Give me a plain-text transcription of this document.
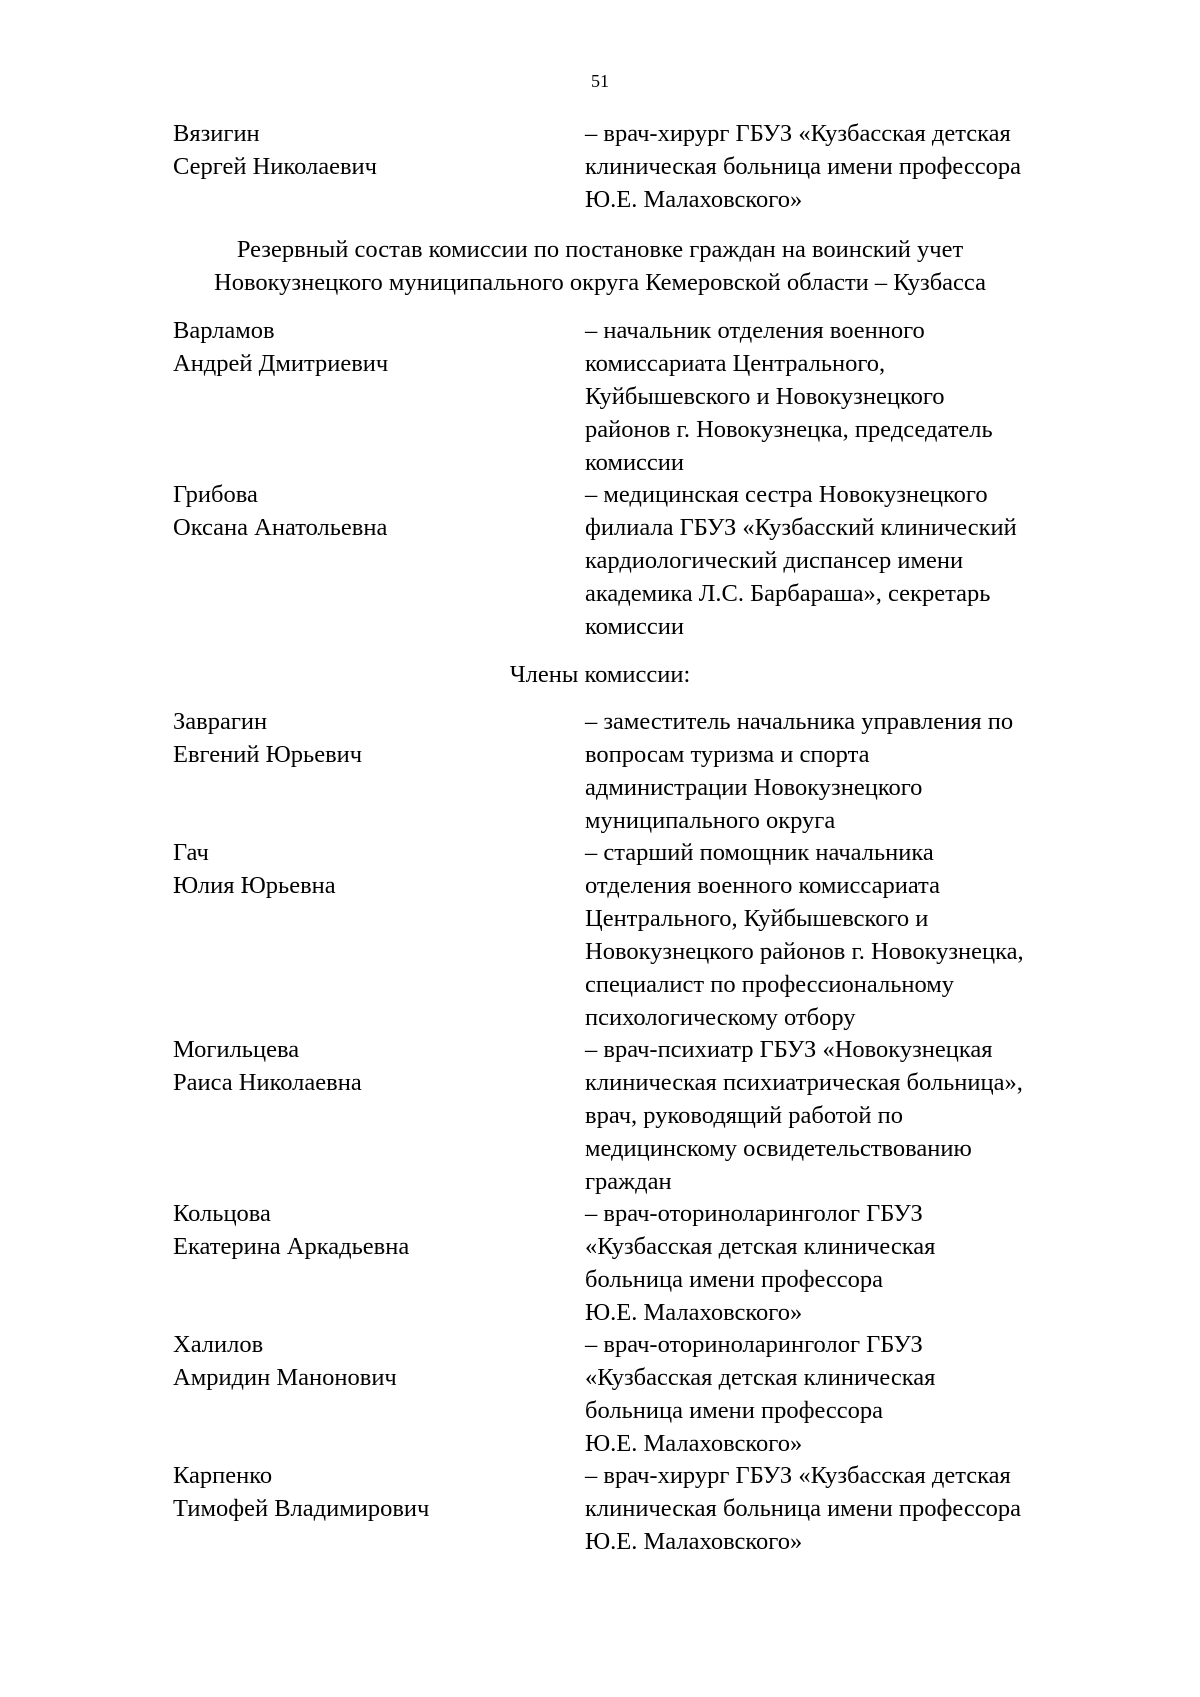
51
Вязигин
Сергей Николаевич
– врач-хирург ГБУЗ «Кузбасская детская
клиническая больница имени профессора
Ю.Е. Малаховского»
Резервный состав комиссии по постановке граждан на воинский учет
Новокузнецкого муниципального округа Кемеровской области – Кузбасса
Варламов
Андрей Дмитриевич
– начальник отделения военного
комиссариата Центрального,
Куйбышевского и Новокузнецкого
районов г. Новокузнецка, председатель
комиссии
Грибова
Оксана Анатольевна
– медицинская сестра Новокузнецкого
филиала ГБУЗ «Кузбасский клинический
кардиологический диспансер имени
академика Л.С. Барбараша», секретарь
комиссии
Члены комиссии:
Завраги​н
Евгений Юрьевич
– заместитель начальника управления по
вопросам туризма и спорта
администрации Новокузнецкого
муниципального округа
Гач
Юлия Юрьевна
– старший помощник начальника
отделения военного комиссариата
Центрального, Куйбышевского и
Новокузнецкого районов г. Новокузнецка,
специалист по профессиональному
психологическому отбору
Могильцева
Раиса Николаевна
– врач-психиатр ГБУЗ «Новокузнецкая
клиническая психиатрическая больница»,
врач, руководящий работой по
медицинскому освидетельствованию
граждан
Кольцова
Екатерина Аркадьевна
– врач-оториноларинголог ГБУЗ
«Кузбасская детская клиническая
больница имени профессора
Ю.Е. Малаховского»
Халилов
Амридин Манонович
– врач-оториноларинголог ГБУЗ
«Кузбасская детская клиническая
больница имени профессора
Ю.Е. Малаховского»
Карпенко
Тимофей Владимирович
– врач-хирург ГБУЗ «Кузбасская детская
клиническая больница имени профессора
Ю.Е. Малаховского»
